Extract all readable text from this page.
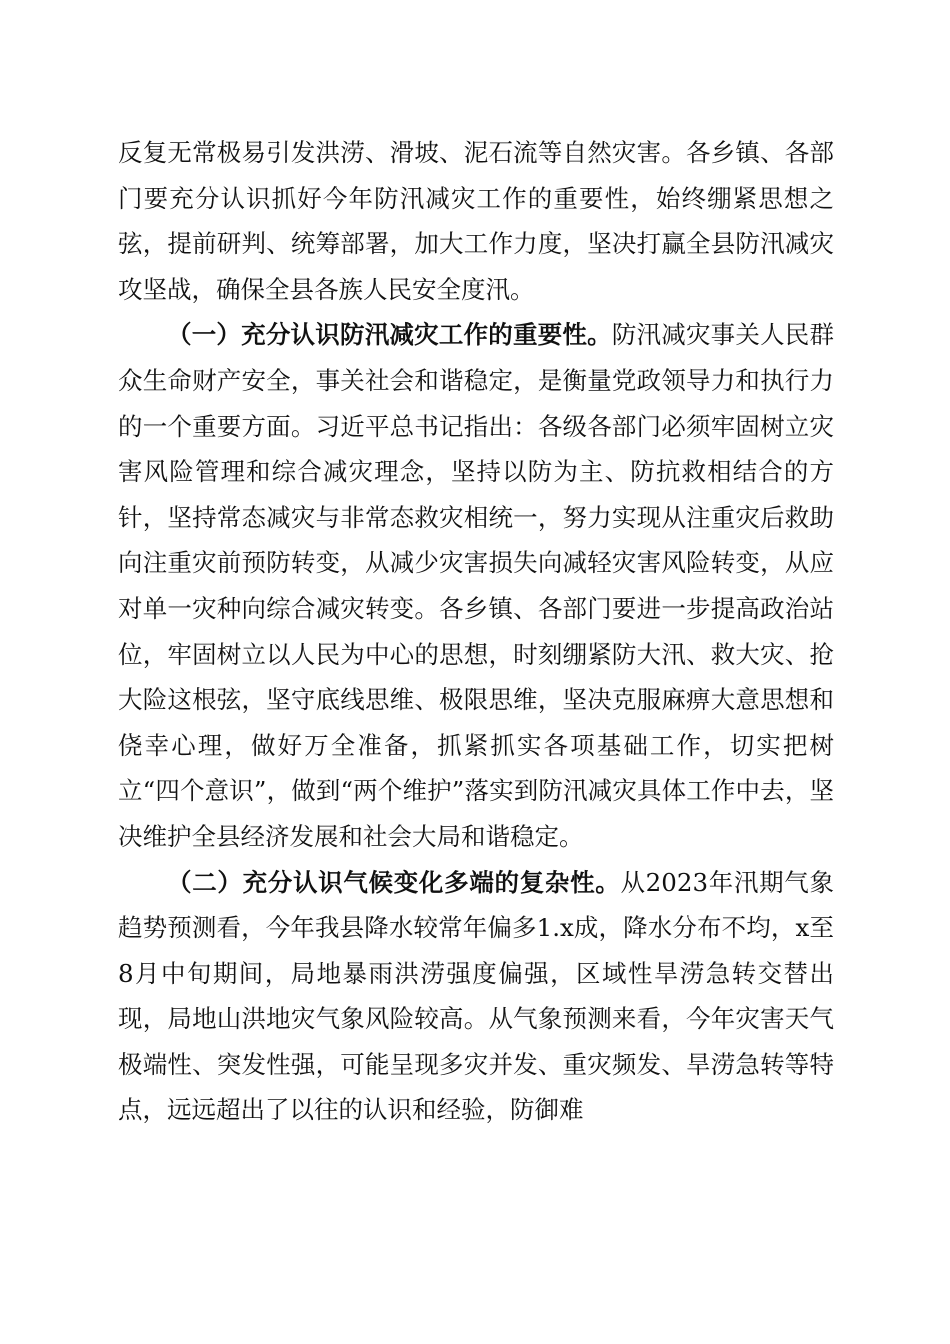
反复无常极易引发洪涝、滑坡、泥石流等自然灾害。各乡镇、各部门要充分认识抓好今年防汛减灾工作的重要性，始终绷紧思想之弦，提前研判、统筹部署，加大工作力度，坚决打赢全县防汛减灾攻坚战，确保全县各族人民安全度汛。

（一）充分认识防汛减灾工作的重要性。防汛减灾事关人民群众生命财产安全，事关社会和谐稳定，是衡量党政领导力和执行力的一个重要方面。习近平总书记指出：各级各部门必须牢固树立灾害风险管理和综合减灾理念，坚持以防为主、防抗救相结合的方针，坚持常态减灾与非常态救灾相统一，努力实现从注重灾后救助向注重灾前预防转变，从减少灾害损失向减轻灾害风险转变，从应对单一灾种向综合减灾转变。各乡镇、各部门要进一步提高政治站位，牢固树立以人民为中心的思想，时刻绷紧防大汛、救大灾、抢大险这根弦，坚守底线思维、极限思维，坚决克服麻痹大意思想和侥幸心理，做好万全准备，抓紧抓实各项基础工作，切实把树立“四个意识”，做到“两个维护”落实到防汛减灾具体工作中去，坚决维护全县经济发展和社会大局和谐稳定。

（二）充分认识气候变化多端的复杂性。从2023年汛期气象趋势预测看，今年我县降水较常年偏多1.x成，降水分布不均，x至8月中旬期间，局地暴雨洪涝强度偏强，区域性旱涝急转交替出现，局地山洪地灾气象风险较高。从气象预测来看，今年灾害天气极端性、突发性强，可能呈现多灾并发、重灾频发、旱涝急转等特点，远远超出了以往的认识和经验，防御难
